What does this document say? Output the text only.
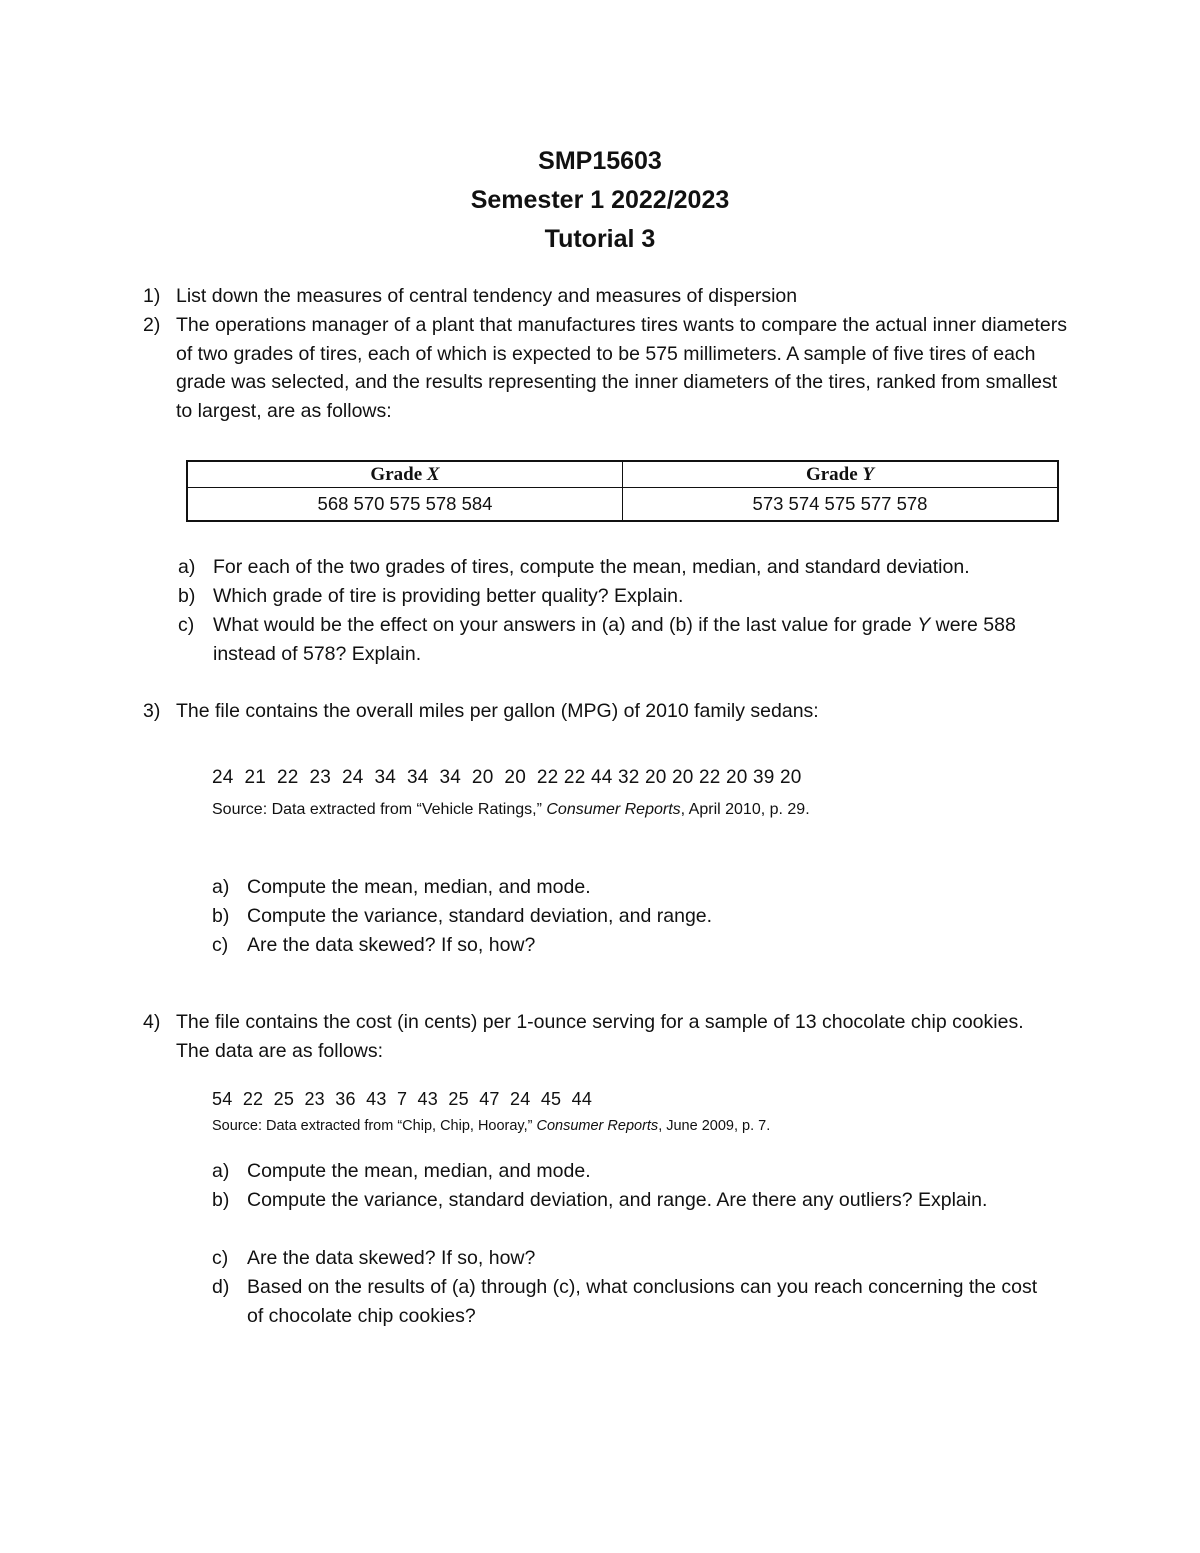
SMP15603
Semester 1 2022/2023
Tutorial 3
1) List down the measures of central tendency and measures of dispersion
2) The operations manager of a plant that manufactures tires wants to compare the actual inner diameters of two grades of tires, each of which is expected to be 575 millimeters. A sample of five tires of each grade was selected, and the results representing the inner diameters of the tires, ranked from smallest to largest, are as follows:
Grade X	Grade Y
568 570 575 578 584	573 574 575 577 578
a) For each of the two grades of tires, compute the mean, median, and standard deviation.
b) Which grade of tire is providing better quality? Explain.
c) What would be the effect on your answers in (a) and (b) if the last value for grade Y were 588 instead of 578? Explain.
3) The file contains the overall miles per gallon (MPG) of 2010 family sedans:
24  21  22  23  24  34  34  34  20  20  22 22 44 32 20 20 22 20 39 20
Source: Data extracted from “Vehicle Ratings,” Consumer Reports, April 2010, p. 29.
a) Compute the mean, median, and mode.
b) Compute the variance, standard deviation, and range.
c) Are the data skewed? If so, how?
4) The file contains the cost (in cents) per 1-ounce serving for a sample of 13 chocolate chip cookies. The data are as follows:
54  22  25  23  36  43  7  43  25  47  24  45  44
Source: Data extracted from “Chip, Chip, Hooray,” Consumer Reports, June 2009, p. 7.
a) Compute the mean, median, and mode.
b) Compute the variance, standard deviation, and range. Are there any outliers? Explain.
c) Are the data skewed? If so, how?
d) Based on the results of (a) through (c), what conclusions can you reach concerning the cost of chocolate chip cookies?
